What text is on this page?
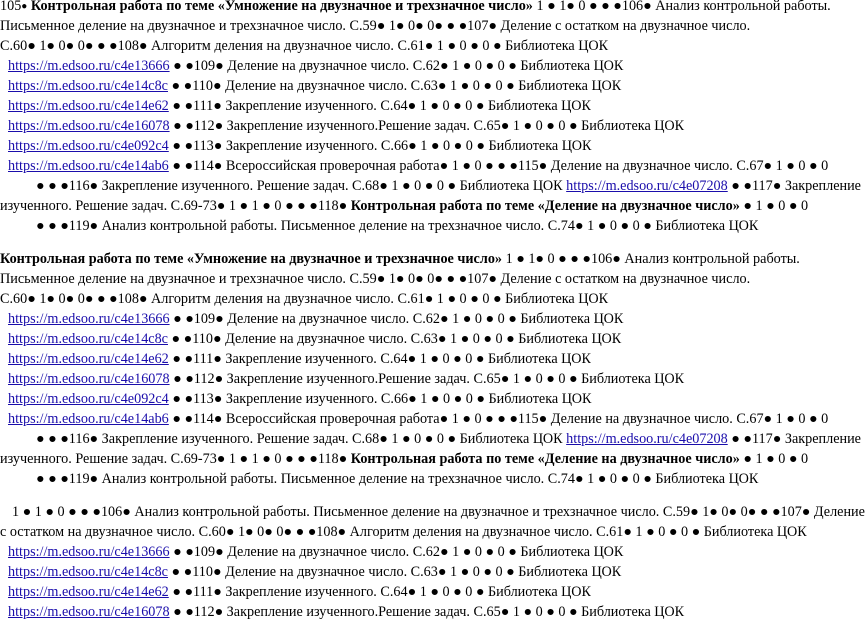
105● Контрольная работа по теме «Умножение на двузначное и трехзначное число» 1 ● 1● 0 ● ● ●106● Анализ контрольной работы.
Письменное деление на двузначное и трехзначное число. С.59● 1● 0● 0● ● ●107● Деление с остатком на двузначное число.
С.60● 1● 0● 0● ● ●108● Алгоритм деления на двузначное число. С.61● 1 ● 0 ● 0 ● Библиотека ЦОК
https://m.edsoo.ru/c4e13666 ● ●109● Деление на двузначное число. С.62● 1 ● 0 ● 0 ● Библиотека ЦОК
https://m.edsoo.ru/c4e14c8c ● ●110● Деление на двузначное число. С.63● 1 ● 0 ● 0 ● Библиотека ЦОК
https://m.edsoo.ru/c4e14e62 ● ●111● Закрепление изученного. С.64● 1 ● 0 ● 0 ● Библиотека ЦОК
https://m.edsoo.ru/c4e16078 ● ●112● Закрепление изученного.Решение задач. С.65● 1 ● 0 ● 0 ● Библиотека ЦОК
https://m.edsoo.ru/c4e092c4 ● ●113● Закрепление изученного. С.66● 1 ● 0 ● 0 ● Библиотека ЦОК
https://m.edsoo.ru/c4e14ab6 ● ●114● Всероссийская проверочная работа● 1 ● 0 ● ● ●115● Деление на двузначное число. С.67● 1 ● 0 ● 0
● ● ●116● Закрепление изученного. Решение задач. С.68● 1 ● 0 ● 0 ● Библиотека ЦОК https://m.edsoo.ru/c4e07208 ● ●117● Закрепление
изученного. Решение задач. С.69-73● 1 ● 1 ● 0 ● ● ●118● Контрольная работа по теме «Деление на двузначное число» ● 1 ● 0 ● 0
● ● ●119● Анализ контрольной работы. Письменное деление на трехзначное число. С.74● 1 ● 0 ● 0 ● Библиотека ЦОК
Контрольная работа по теме «Умножение на двузначное и трехзначное число» 1 ● 1● 0 ● ● ●106● Анализ контрольной работы.
Письменное деление на двузначное и трехзначное число. С.59● 1● 0● 0● ● ●107● Деление с остатком на двузначное число.
С.60● 1● 0● 0● ● ●108● Алгоритм деления на двузначное число. С.61● 1 ● 0 ● 0 ● Библиотека ЦОК
https://m.edsoo.ru/c4e13666 ● ●109● Деление на двузначное число. С.62● 1 ● 0 ● 0 ● Библиотека ЦОК
https://m.edsoo.ru/c4e14c8c ● ●110● Деление на двузначное число. С.63● 1 ● 0 ● 0 ● Библиотека ЦОК
https://m.edsoo.ru/c4e14e62 ● ●111● Закрепление изученного. С.64● 1 ● 0 ● 0 ● Библиотека ЦОК
https://m.edsoo.ru/c4e16078 ● ●112● Закрепление изученного.Решение задач. С.65● 1 ● 0 ● 0 ● Библиотека ЦОК
https://m.edsoo.ru/c4e092c4 ● ●113● Закрепление изученного. С.66● 1 ● 0 ● 0 ● Библиотека ЦОК
https://m.edsoo.ru/c4e14ab6 ● ●114● Всероссийская проверочная работа● 1 ● 0 ● ● ●115● Деление на двузначное число. С.67● 1 ● 0 ● 0
● ● ●116● Закрепление изученного. Решение задач. С.68● 1 ● 0 ● 0 ● Библиотека ЦОК https://m.edsoo.ru/c4e07208 ● ●117● Закрепление
изученного. Решение задач. С.69-73● 1 ● 1 ● 0 ● ● ●118● Контрольная работа по теме «Деление на двузначное число» ● 1 ● 0 ● 0
● ● ●119● Анализ контрольной работы. Письменное деление на трехзначное число. С.74● 1 ● 0 ● 0 ● Библиотека ЦОК
1 ● 1 ● 0 ● ● ●106● Анализ контрольной работы. Письменное деление на двузначное и трехзначное число. С.59● 1● 0● 0● ● ●107● Деление
с остатком на двузначное число. С.60● 1● 0● 0● ● ●108● Алгоритм деления на двузначное число. С.61● 1 ● 0 ● 0 ● Библиотека ЦОК
https://m.edsoo.ru/c4e13666 ● ●109● Деление на двузначное число. С.62● 1 ● 0 ● 0 ● Библиотека ЦОК
https://m.edsoo.ru/c4e14c8c ● ●110● Деление на двузначное число. С.63● 1 ● 0 ● 0 ● Библиотека ЦОК
https://m.edsoo.ru/c4e14e62 ● ●111● Закрепление изученного. С.64● 1 ● 0 ● 0 ● Библиотека ЦОК
https://m.edsoo.ru/c4e16078 ● ●112● Закрепление изученного.Решение задач. С.65● 1 ● 0 ● 0 ● Библиотека ЦОК
